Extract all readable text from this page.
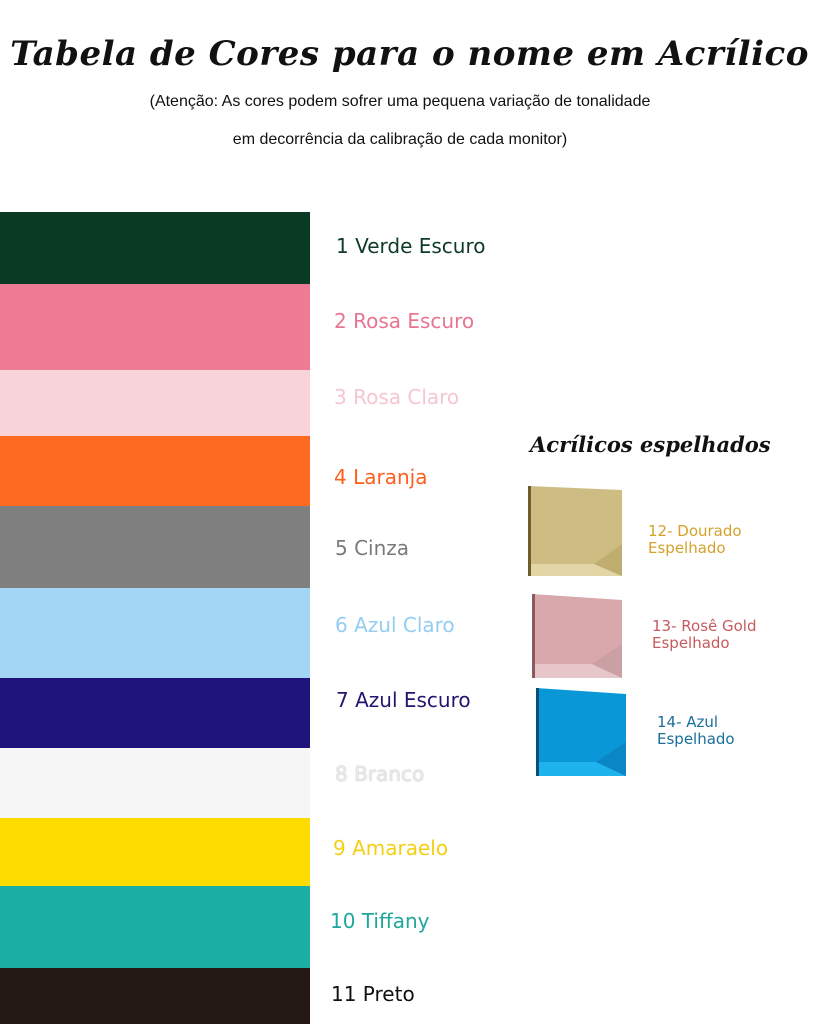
Tabela de Cores para o nome em Acrílico
(Atenção: As cores podem sofrer uma pequena variação de tonalidade
em decorrência da calibração de cada monitor)
1 Verde Escuro
2 Rosa Escuro
3 Rosa Claro
4 Laranja
5 Cinza
6 Azul Claro
7 Azul Escuro
8 Branco
9 Amaraelo
10 Tiffany
11 Preto
Acrílicos espelhados
12- Dourado
Espelhado
13- Rosê Gold
Espelhado
14- Azul
Espelhado
